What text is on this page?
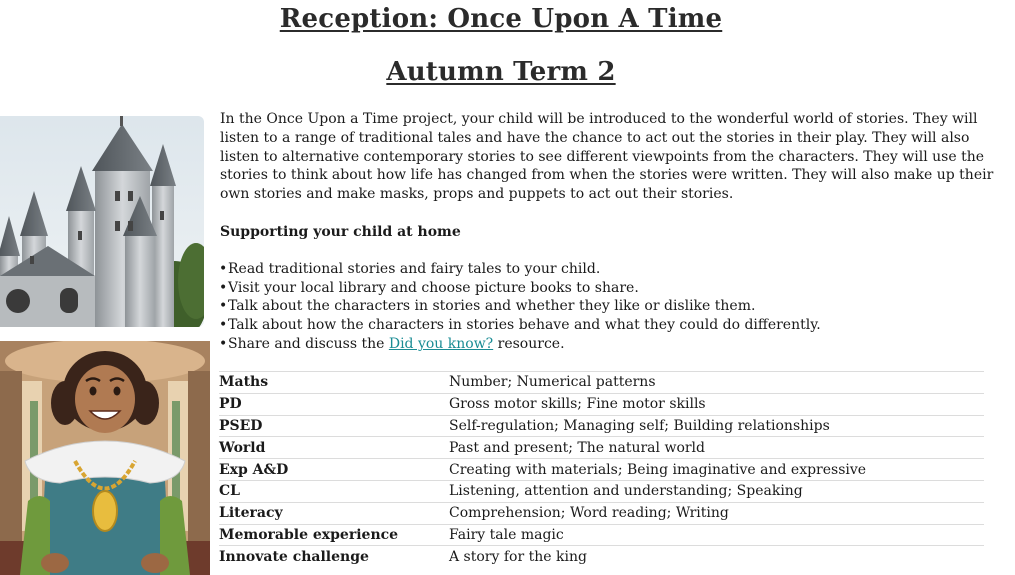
Reception: Once Upon A Time
Autumn Term 2

In the Once Upon a Time project, your child will be introduced to the wonderful world of stories. They will listen to a range of traditional tales and have the chance to act out the stories in their play. They will also listen to alternative contemporary stories to see different viewpoints from the characters. They will use the stories to think about how life has changed from when the stories were written. They will also make up their own stories and make masks, props and puppets to act out their stories.

Supporting your child at home

• Read traditional stories and fairy tales to your child.
• Visit your local library and choose picture books to share.
• Talk about the characters in stories and whether they like or dislike them.
• Talk about how the characters in stories behave and what they could do differently.
• Share and discuss the Did you know? resource.
Maths	Number; Numerical patterns
PD	Gross motor skills; Fine motor skills
PSED	Self-regulation; Managing self; Building relationships
World	Past and present; The natural world
Exp A&D	Creating with materials; Being imaginative and expressive
CL	Listening, attention and understanding; Speaking
Literacy	Comprehension; Word reading; Writing
Memorable experience	Fairy tale magic
Innovate challenge	A story for the king
